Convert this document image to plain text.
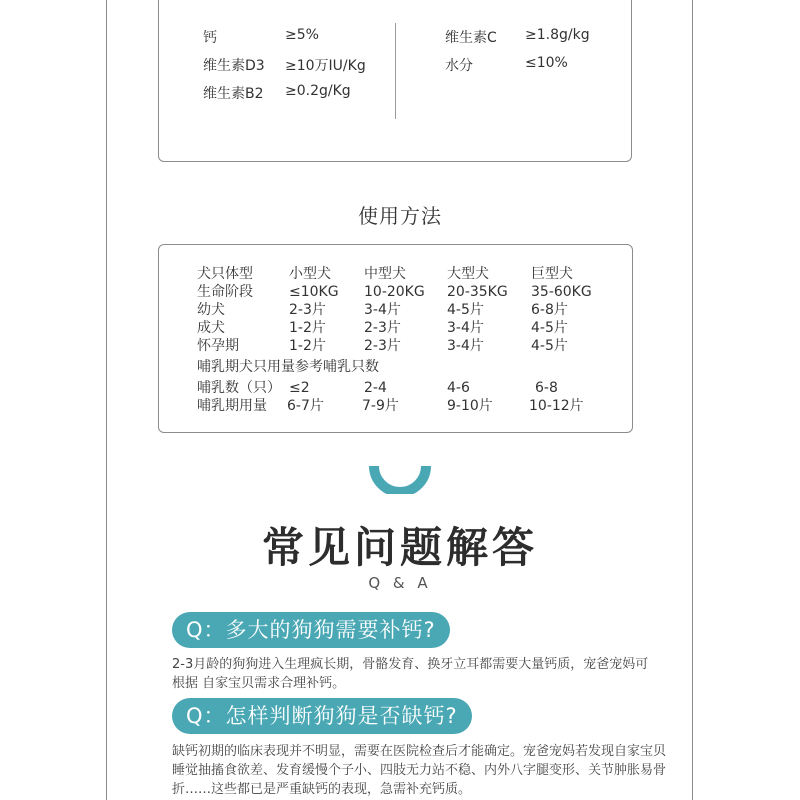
钙	≥5%
维生素D3 ≥10万IU/Kg
维生素B2 ≥0.2g/Kg
维生素C ≥1.8g/kg
水分	≤10%
使用方法
犬只体型	小型犬 中型犬	大型犬	巨型犬
生命阶段	≤10KG 10-20KG 20-35KG 35-60KG
幼犬	2-3片	3-4片	4-5片	6-8片
成犬	1-2片	2-3片	3-4片	4-5片
怀孕期	1-2片	2-3片	3-4片	4-5片
哺乳期犬只用量参考哺乳只数
哺乳数（只） ≤2	2-4	4-6	6-8
哺乳期用量 6-7片	7-9片	9-10片	10-12片
常见问题解答
Q & A
Q：多大的狗狗需要补钙?
2-3月龄的狗狗进入生理疯长期，骨骼发育、换牙立耳都需要大量钙质，宠爸宠妈可
根据 自家宝贝需求合理补钙。
Q：怎样判断狗狗是否缺钙?
缺钙初期的临床表现并不明显，需要在医院检查后才能确定。宠爸宠妈若发现自家宝贝
睡觉抽搐食欲差、发育缓慢个子小、四肢无力站不稳、内外八字腿变形、关节肿胀易骨
折……这些都已是严重缺钙的表现，急需补充钙质。
